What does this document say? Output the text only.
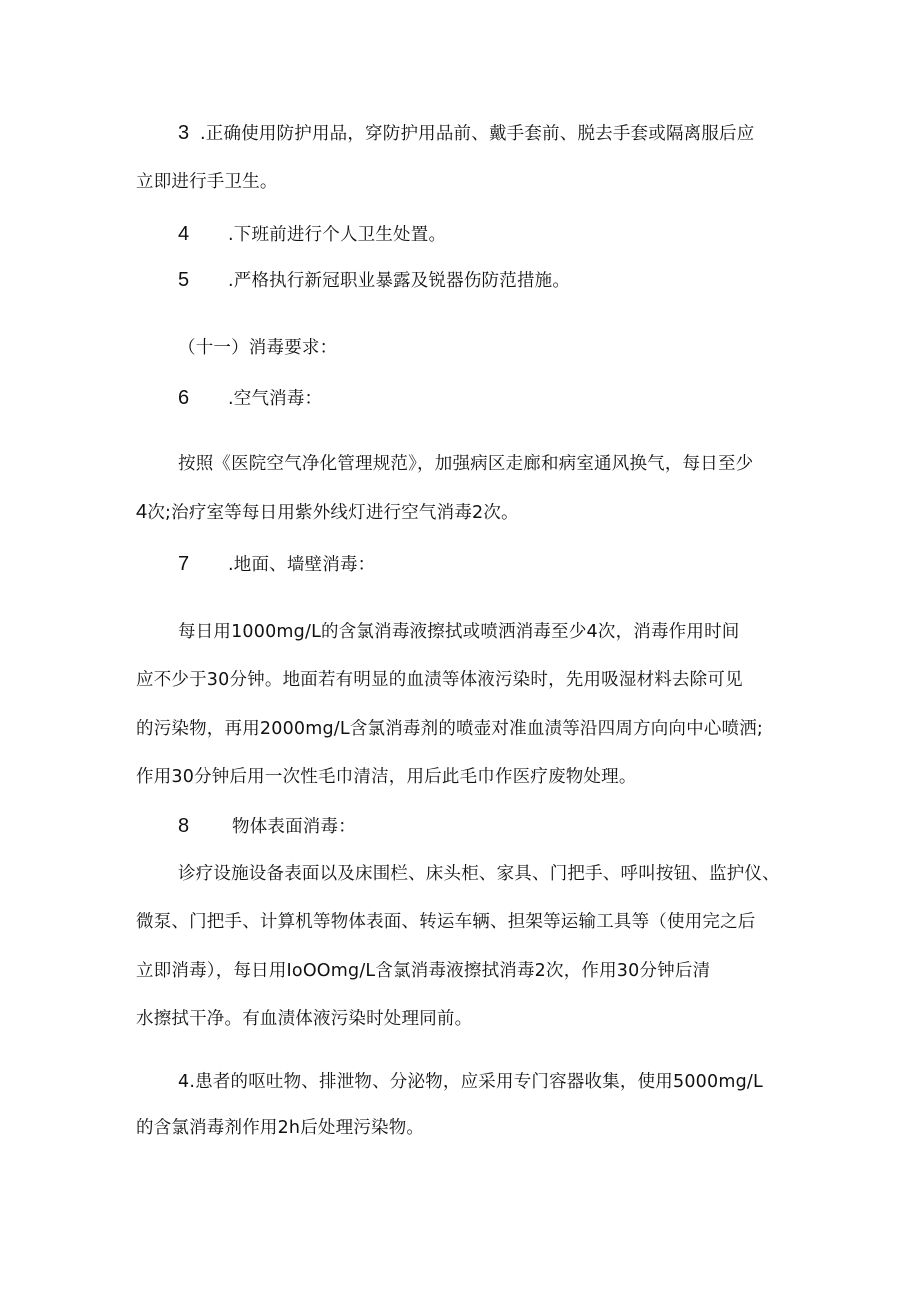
3 .正确使用防护用品，穿防护用品前、戴手套前、脱去手套或隔离服后应
立即进行手卫生。
4 .下班前进行个人卫生处置。
5 .严格执行新冠职业暴露及锐器伤防范措施。
（十一）消毒要求：
6 .空气消毒：
按照《医院空气净化管理规范》，加强病区走廊和病室通风换气，每日至少
4次;治疗室等每日用紫外线灯进行空气消毒2次。
7 .地面、墙壁消毒：
每日用1000mg/L的含氯消毒液擦拭或喷洒消毒至少4次，消毒作用时间
应不少于30分钟。地面若有明显的血渍等体液污染时，先用吸湿材料去除可见
的污染物，再用2000mg/L含氯消毒剂的喷壶对准血渍等沿四周方向向中心喷洒;
作用30分钟后用一次性毛巾清洁，用后此毛巾作医疗废物处理。
8 物体表面消毒：
诊疗设施设备表面以及床围栏、床头柜、家具、门把手、呼叫按钮、监护仪、
微泵、门把手、计算机等物体表面、转运车辆、担架等运输工具等（使用完之后
立即消毒），每日用IoOOmg/L含氯消毒液擦拭消毒2次，作用30分钟后清
水擦拭干净。有血渍体液污染时处理同前。
4.患者的呕吐物、排泄物、分泌物，应采用专门容器收集，使用5000mg/L
的含氯消毒剂作用2h后处理污染物。
